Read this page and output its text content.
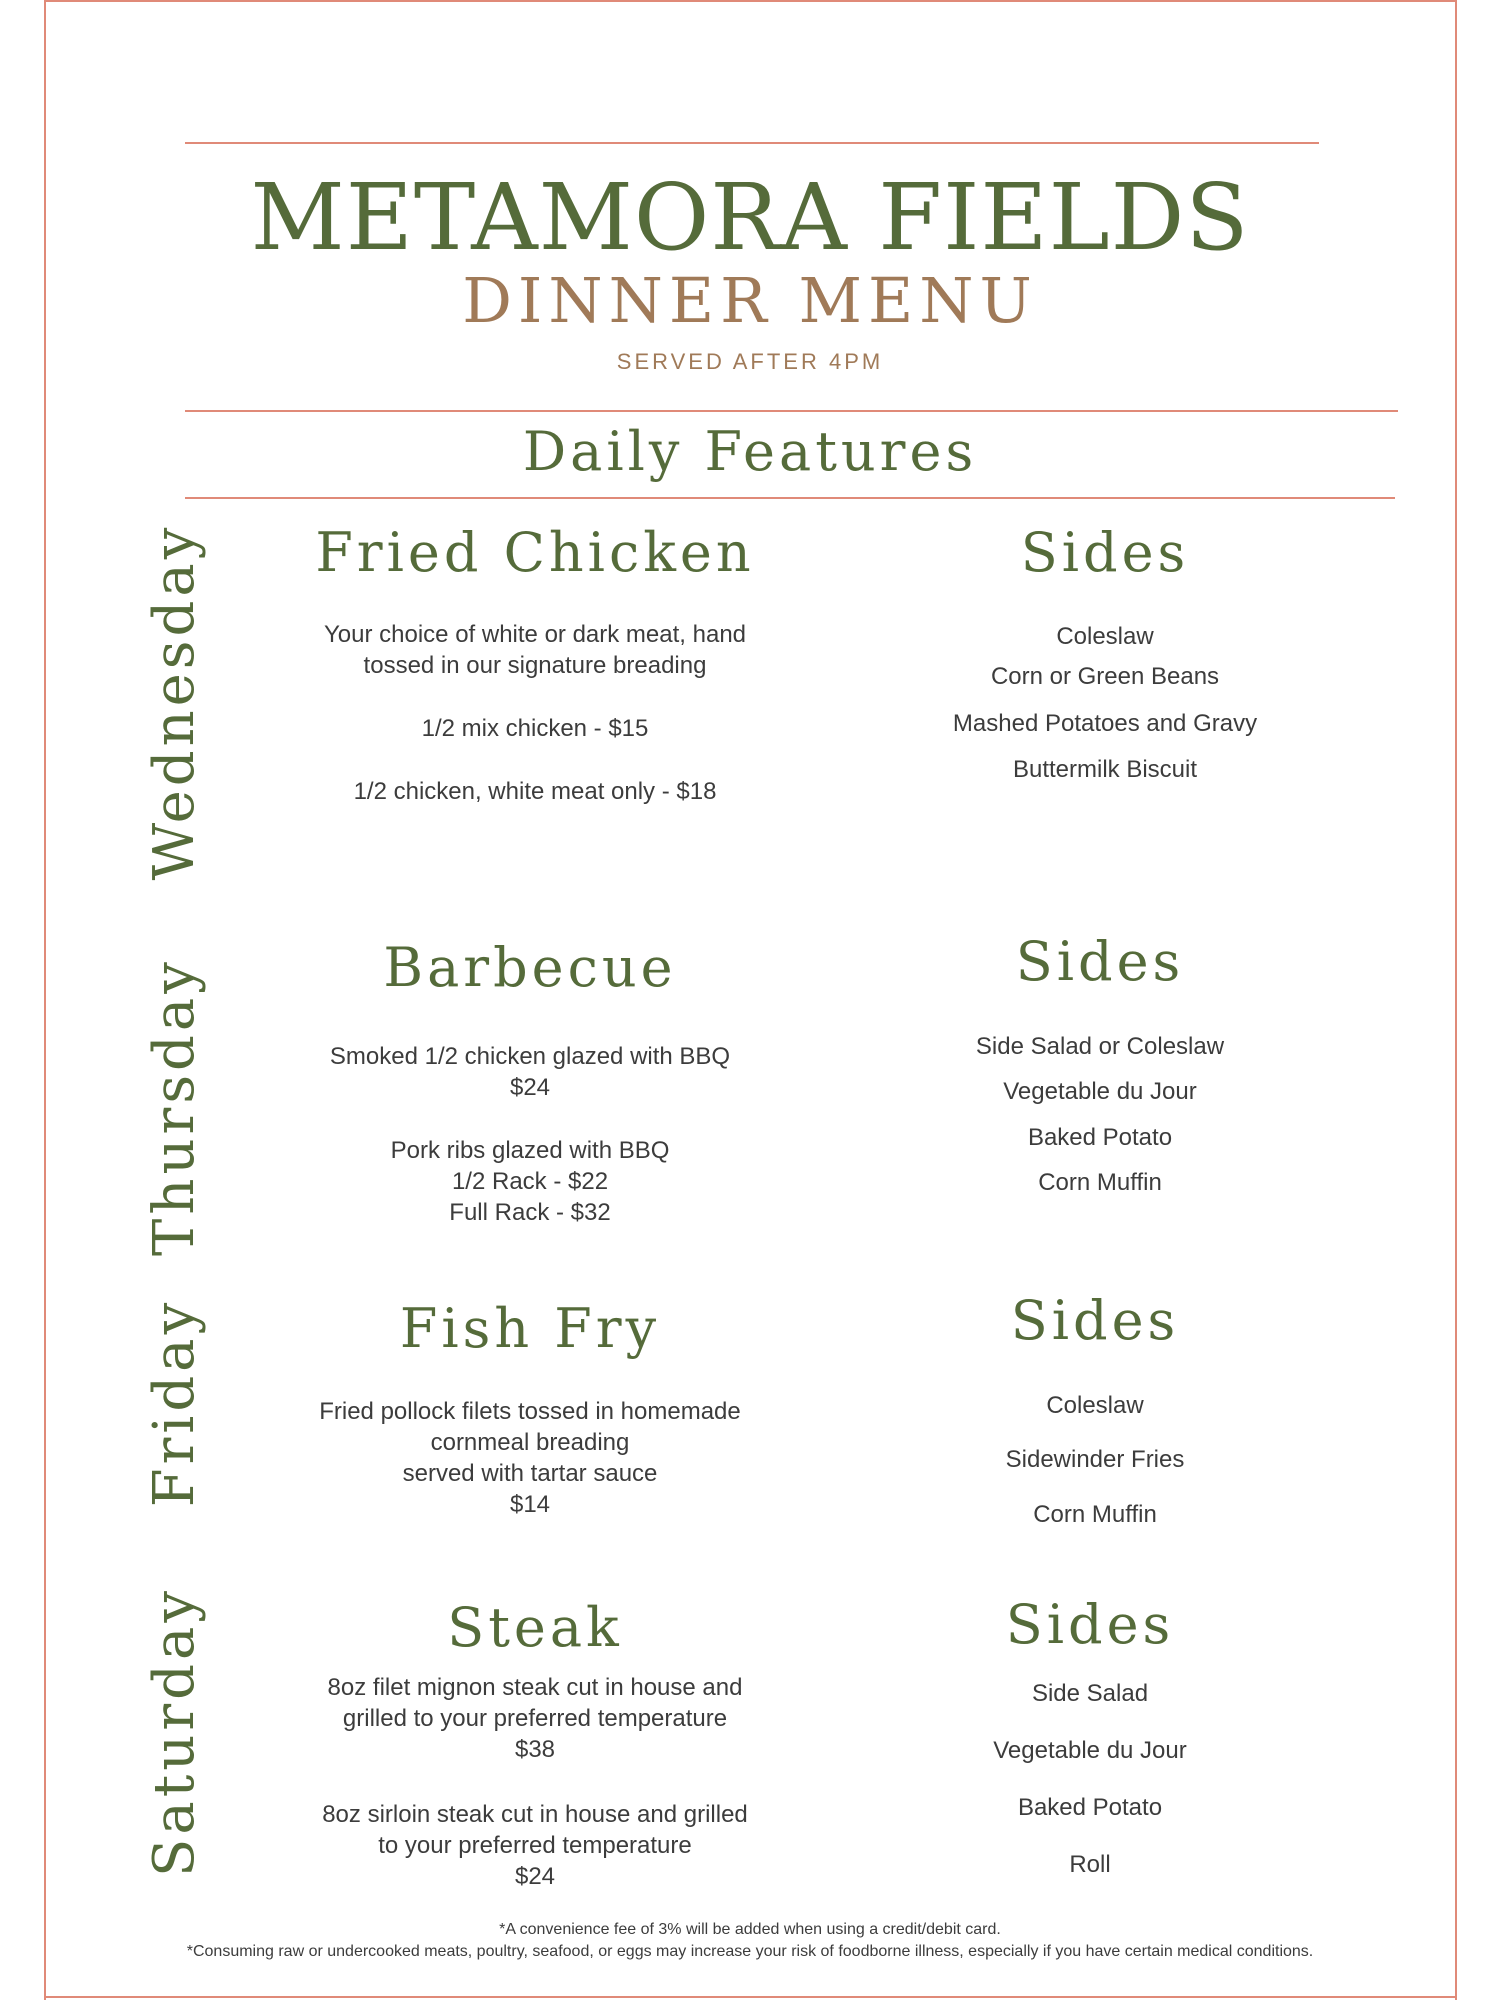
METAMORA FIELDS
DINNER MENU
SERVED AFTER 4PM
Daily Features
Wednesday	Fried Chicken
Your choice of white or dark meat, hand
tossed in our signature breading
1/2 mix chicken - $15
1/2 chicken, white meat only - $18
Sides
Coleslaw
Corn or Green Beans
Mashed Potatoes and Gravy
Buttermilk Biscuit
Thursday	Barbecue
Smoked 1/2 chicken glazed with BBQ
$24
Pork ribs glazed with BBQ
1/2 Rack - $22
Full Rack - $32
Sides
Side Salad or Coleslaw
Vegetable du Jour
Baked Potato
Corn Muffin
Friday	Fish Fry
Fried pollock filets tossed in homemade
cornmeal breading
served with tartar sauce
$14
Sides
Coleslaw
Sidewinder Fries
Corn Muffin
Saturday	Steak
8oz filet mignon steak cut in house and
grilled to your preferred temperature
$38
8oz sirloin steak cut in house and grilled
to your preferred temperature
$24
Sides
Side Salad
Vegetable du Jour
Baked Potato
Roll
*A convenience fee of 3% will be added when using a credit/debit card.
*Consuming raw or undercooked meats, poultry, seafood, or eggs may increase your risk of foodborne illness, especially if you have certain medical conditions.
